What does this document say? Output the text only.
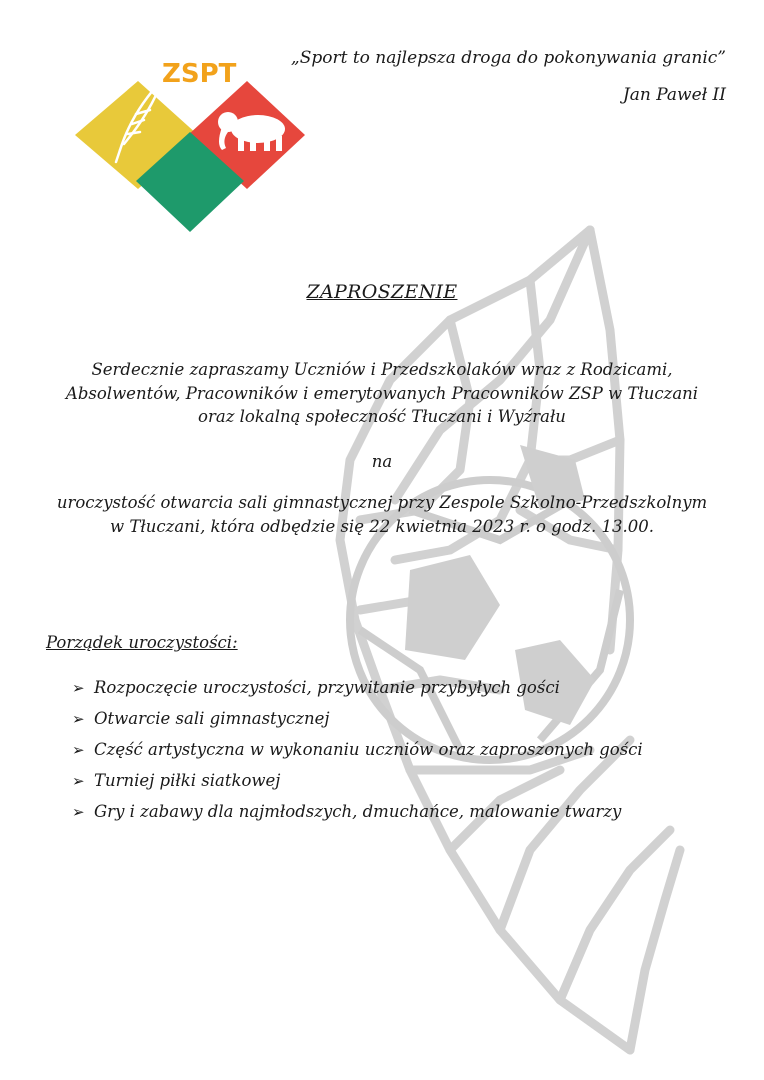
ZSPT
„Sport to najlepsza droga do pokonywania granic”
Jan Paweł II
ZAPROSZENIE
Serdecznie zapraszamy Uczniów i Przedszkolaków wraz z Rodzicami,
Absolwentów, Pracowników i emerytowanych Pracowników ZSP w Tłuczani
oraz lokalną społeczność Tłuczani i Wyźrału
na
uroczystość otwarcia sali gimnastycznej przy Zespole Szkolno-Przedszkolnym
w Tłuczani, która odbędzie się 22 kwietnia 2023 r. o godz. 13.00.
Porządek uroczystości:
➢ Rozpoczęcie uroczystości, przywitanie przybyłych gości
➢ Otwarcie sali gimnastycznej
➢ Część artystyczna w wykonaniu uczniów oraz zaproszonych gości
➢ Turniej piłki siatkowej
➢ Gry i zabawy dla najmłodszych, dmuchańce, malowanie twarzy
